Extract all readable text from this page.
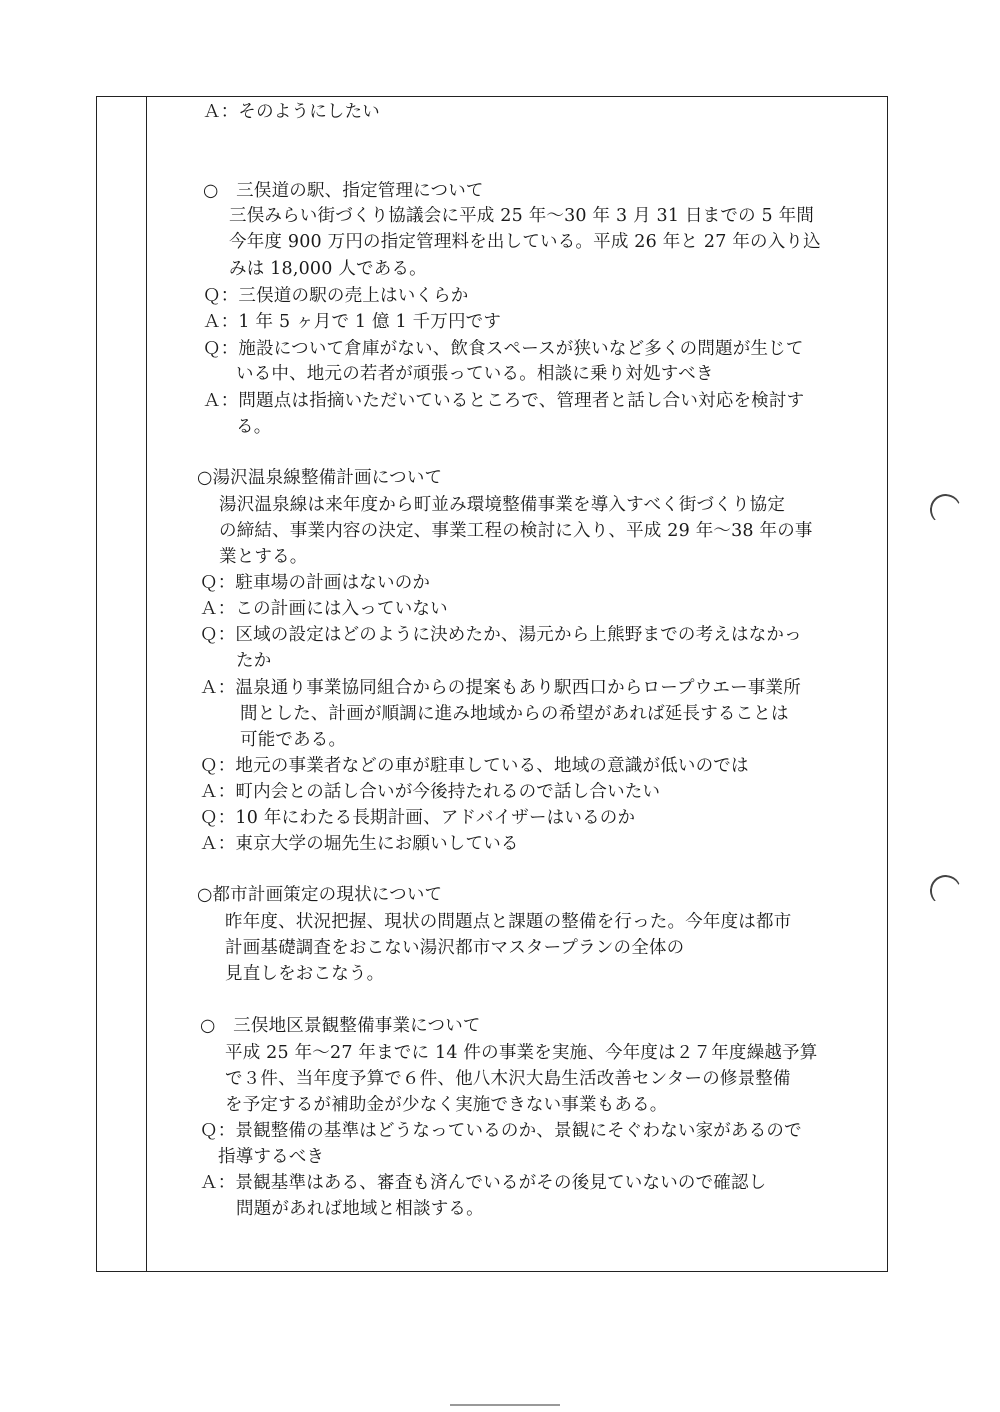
Ａ：そのようにしたい
○　三俣道の駅、指定管理について
三俣みらい街づくり協議会に平成 25 年～30 年 3 月 31 日までの 5 年間
今年度 900 万円の指定管理料を出している。平成 26 年と 27 年の入り込
みは 18,000 人である。
Ｑ：三俣道の駅の売上はいくらか
Ａ：1 年 5 ヶ月で 1 億 1 千万円です
Ｑ：施設について倉庫がない、飲食スペースが狭いなど多くの問題が生じて
いる中、地元の若者が頑張っている。相談に乗り対処すべき
Ａ：問題点は指摘いただいているところで、管理者と話し合い対応を検討す
る。
○湯沢温泉線整備計画について
湯沢温泉線は来年度から町並み環境整備事業を導入すべく街づくり協定
の締結、事業内容の決定、事業工程の検討に入り、平成 29 年～38 年の事
業とする。
Ｑ：駐車場の計画はないのか
Ａ：この計画には入っていない
Ｑ：区域の設定はどのように決めたか、湯元から上熊野までの考えはなかっ
たか
Ａ：温泉通り事業協同組合からの提案もあり駅西口からロープウエー事業所
間とした、計画が順調に進み地域からの希望があれば延長することは
可能である。
Ｑ：地元の事業者などの車が駐車している、地域の意識が低いのでは
Ａ：町内会との話し合いが今後持たれるので話し合いたい
Ｑ：10 年にわたる長期計画、アドバイザーはいるのか
Ａ：東京大学の堀先生にお願いしている
○都市計画策定の現状について
昨年度、状況把握、現状の問題点と課題の整備を行った。今年度は都市
計画基礎調査をおこない湯沢都市マスタープランの全体の
見直しをおこなう。
○　三俣地区景観整備事業について
平成 25 年～27 年までに 14 件の事業を実施、今年度は２７年度繰越予算
で３件、当年度予算で６件、他八木沢大島生活改善センターの修景整備
を予定するが補助金が少なく実施できない事業もある。
Ｑ：景観整備の基準はどうなっているのか、景観にそぐわない家があるので
指導するべき
Ａ：景観基準はある、審査も済んでいるがその後見ていないので確認し
問題があれば地域と相談する。
